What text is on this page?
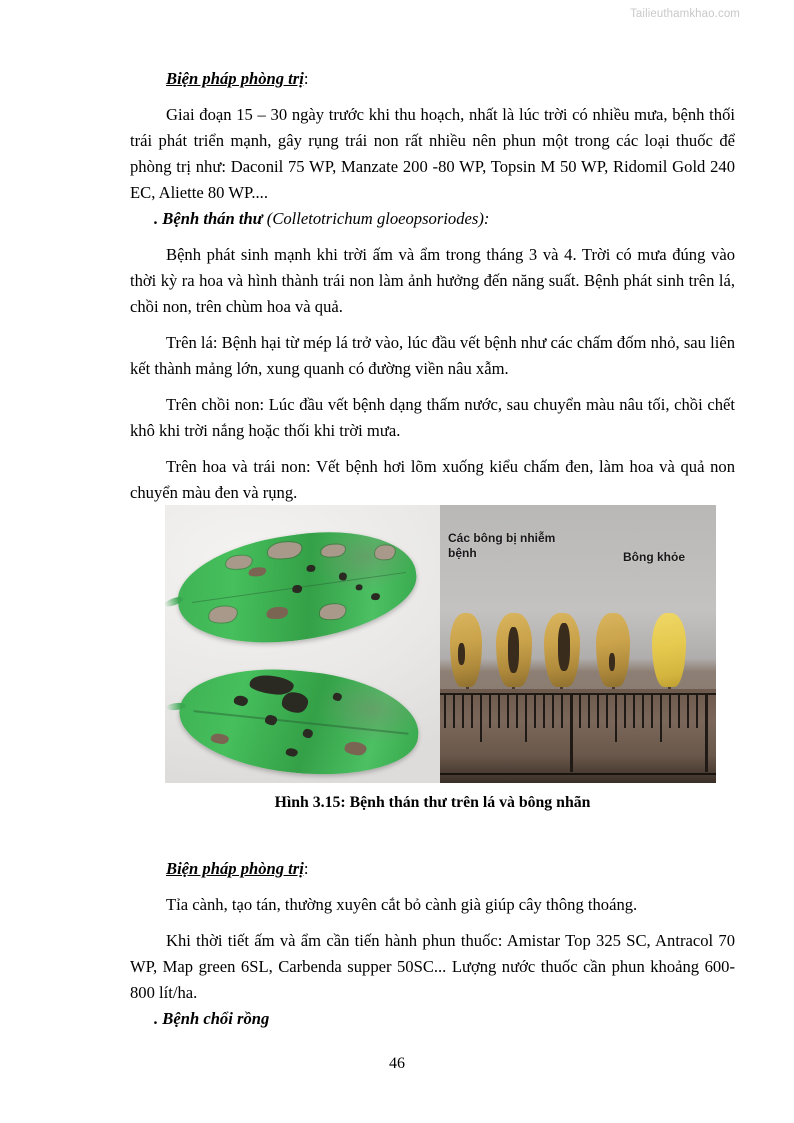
Tailieuthamkhao.com

Biện pháp phòng trị:

Giai đoạn 15 – 30 ngày trước khi thu hoạch, nhất là lúc trời có nhiều mưa, bệnh thối trái phát triển mạnh, gây rụng trái non rất nhiều nên phun một trong các loại thuốc để phòng trị như: Daconil 75 WP, Manzate 200 -80 WP, Topsin M 50 WP, Ridomil Gold 240 EC, Aliette 80 WP....

. Bệnh thán thư (Colletotrichum gloeopsoriodes):

Bệnh phát sinh mạnh khi trời ấm và ẩm trong tháng 3 và 4. Trời có mưa đúng vào thời kỳ ra hoa và hình thành trái non làm ảnh hưởng đến năng suất. Bệnh phát sinh trên lá, chồi non, trên chùm hoa và quả.

Trên lá: Bệnh hại từ mép lá trở vào, lúc đầu vết bệnh như các chấm đốm nhỏ, sau liên kết thành mảng lớn, xung quanh có đường viền nâu xẫm.

Trên chồi non: Lúc đầu vết bệnh dạng thấm nước, sau chuyển màu nâu tối, chồi chết khô khi trời nắng hoặc thối khi trời mưa.

Trên hoa và trái non: Vết bệnh hơi lõm xuống kiểu chấm đen, làm hoa và quả non chuyển màu đen và rụng.

Các bông bị nhiễm bệnh	Bông khỏe
Hình 3.15: Bệnh thán thư trên lá và bông nhãn

Biện pháp phòng trị:

Tỉa cành, tạo tán, thường xuyên cắt bỏ cành già giúp cây thông thoáng.

Khi thời tiết ấm và ẩm cần tiến hành phun thuốc: Amistar Top 325 SC, Antracol 70 WP, Map green 6SL, Carbenda supper 50SC... Lượng nước thuốc cần phun khoảng 600-800 lít/ha.

. Bệnh chổi rồng

46
